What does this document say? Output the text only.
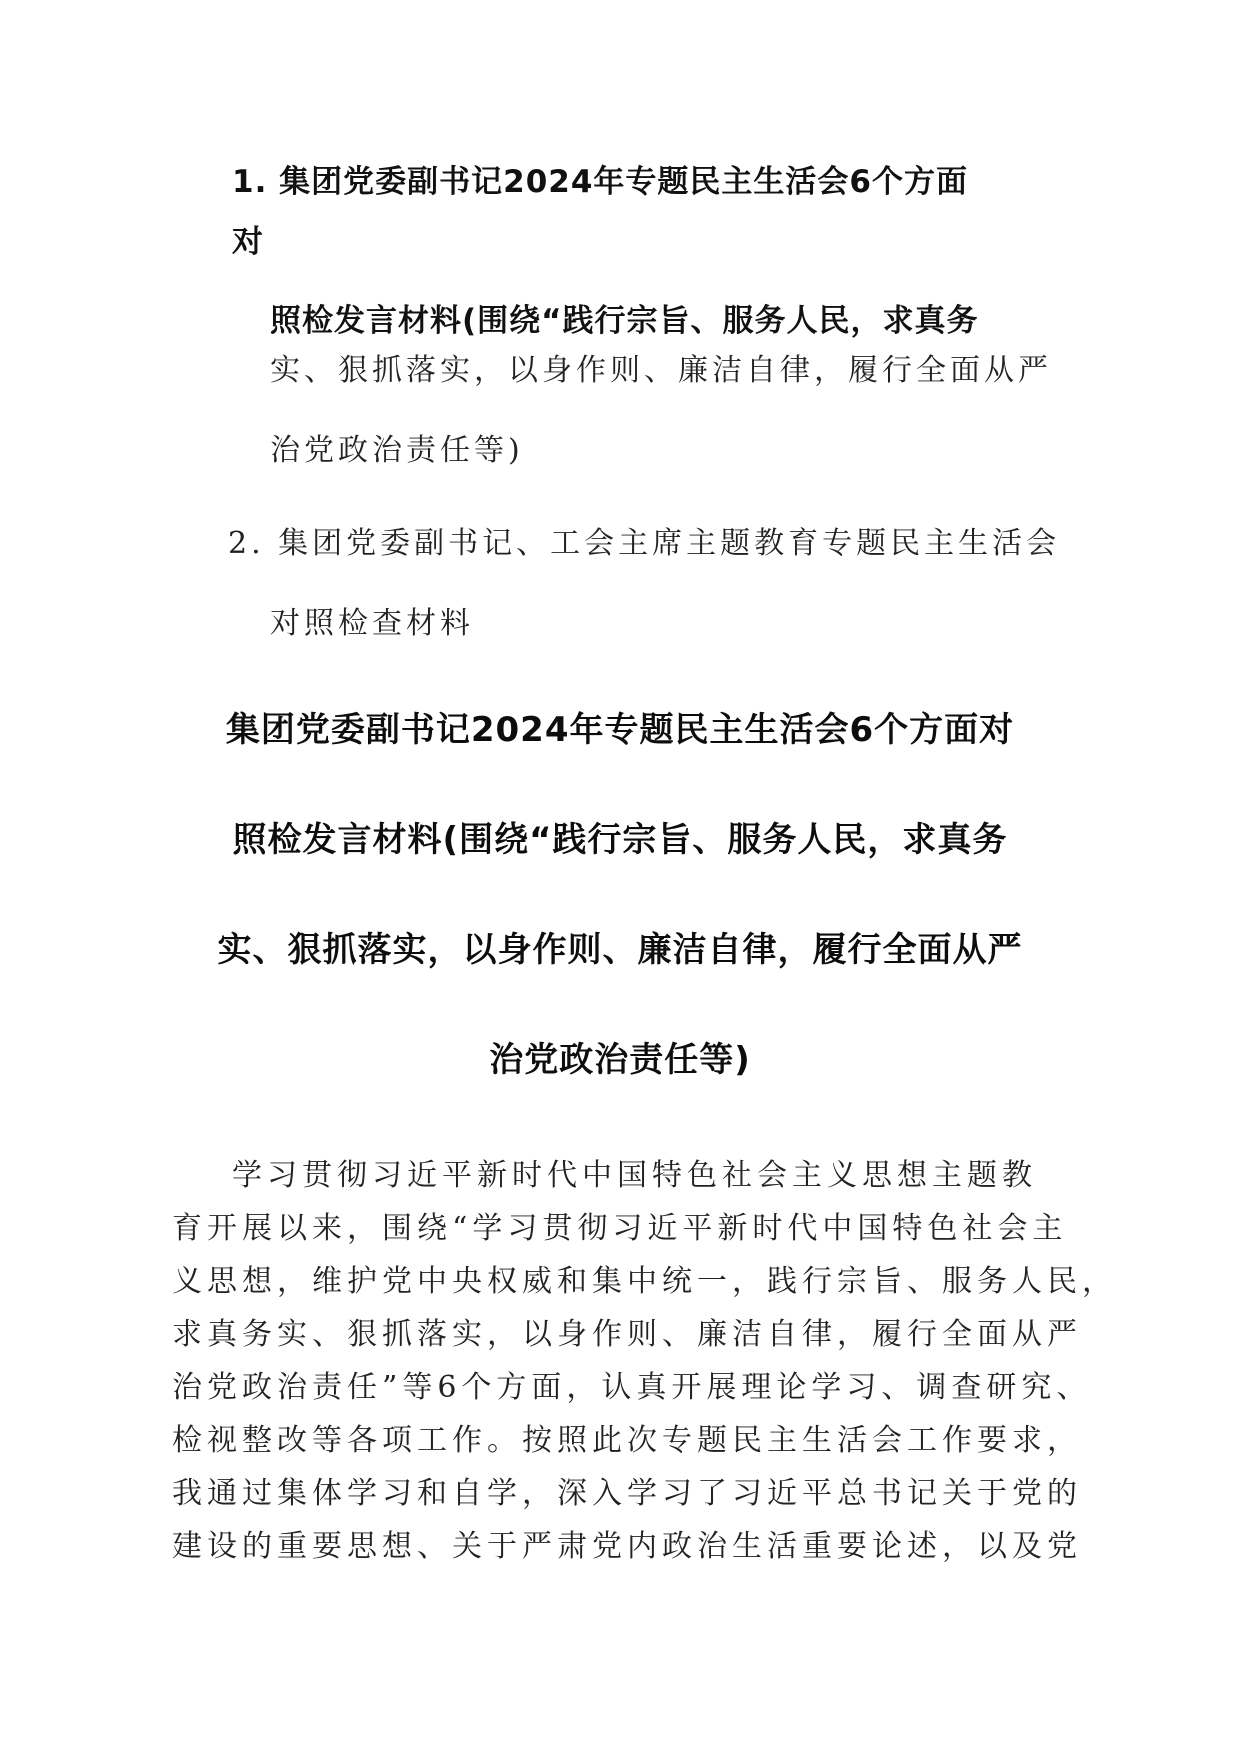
1. 集团党委副书记2024年专题民主生活会6个方面
对
照检发言材料(围绕“践行宗旨、服务人民，求真务
实、狠抓落实，以身作则、廉洁自律，履行全面从严
治党政治责任等)
2. 集团党委副书记、工会主席主题教育专题民主生活会
对照检查材料
集团党委副书记2024年专题民主生活会6个方面对
照检发言材料(围绕“践行宗旨、服务人民，求真务
实、狠抓落实，以身作则、廉洁自律，履行全面从严
治党政治责任等)
学习贯彻习近平新时代中国特色社会主义思想主题教
育开展以来，围绕“学习贯彻习近平新时代中国特色社会主
义思想，维护党中央权威和集中统一，践行宗旨、服务人民，
求真务实、狠抓落实，以身作则、廉洁自律，履行全面从严
治党政治责任”等6个方面，认真开展理论学习、调查研究、
检视整改等各项工作。按照此次专题民主生活会工作要求，
我通过集体学习和自学，深入学习了习近平总书记关于党的
建设的重要思想、关于严肃党内政治生活重要论述，以及党
